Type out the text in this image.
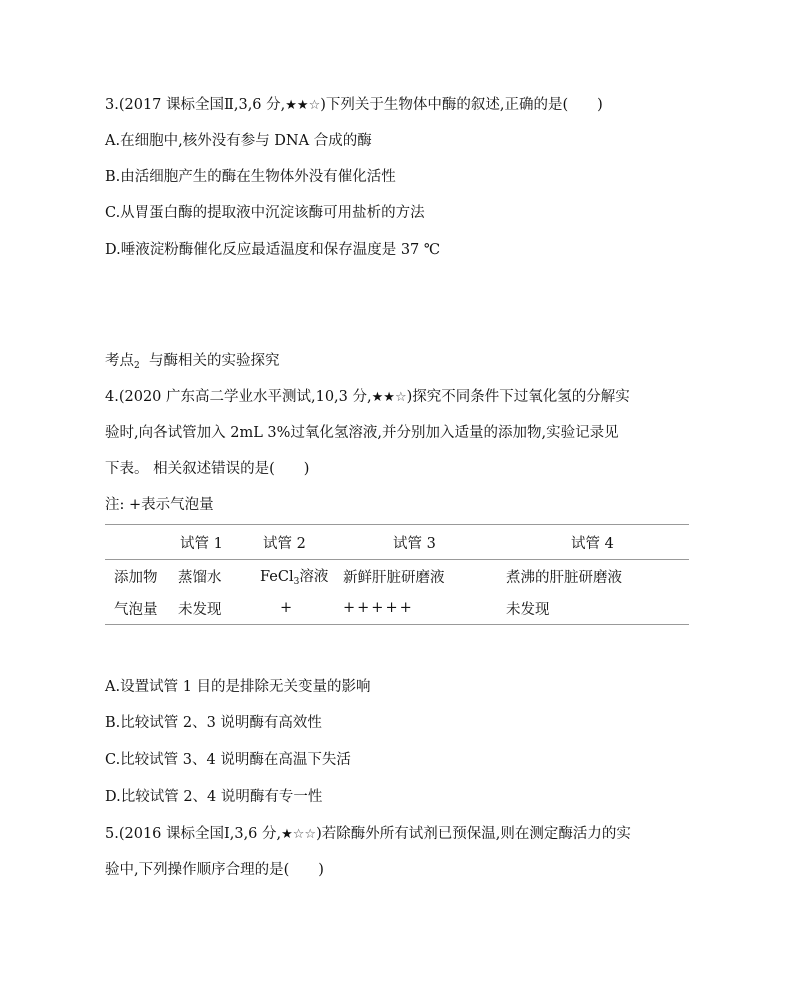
3.(2017 课标全国Ⅱ,3,6 分,★★☆)下列关于生物体中酶的叙述,正确的是(　　)
A.在细胞中,核外没有参与 DNA 合成的酶
B.由活细胞产生的酶在生物体外没有催化活性
C.从胃蛋白酶的提取液中沉淀该酶可用盐析的方法
D.唾液淀粉酶催化反应最适温度和保存温度是 37 ℃
考点$_2$ 与酶相关的实验探究
4.(2020 广东高二学业水平测试,10,3 分,★★☆)探究不同条件下过氧化氢的分解实
验时,向各试管加入 2mL 3%过氧化氢溶液,并分别加入适量的添加物,实验记录见
下表。 相关叙述错误的是(　　)
注: +表示气泡量
	试管 1	试管 2	试管 3	试管 4
添加物	蒸馏水	FeCl$_3$溶液	新鲜肝脏研磨液	煮沸的肝脏研磨液
气泡量	未发现	+	+++++	未发现
A.设置试管 1 目的是排除无关变量的影响
B.比较试管 2、3 说明酶有高效性
C.比较试管 3、4 说明酶在高温下失活
D.比较试管 2、4 说明酶有专一性
5.(2016 课标全国Ⅰ,3,6 分,★☆☆)若除酶外所有试剂已预保温,则在测定酶活力的实
验中,下列操作顺序合理的是(　　)
